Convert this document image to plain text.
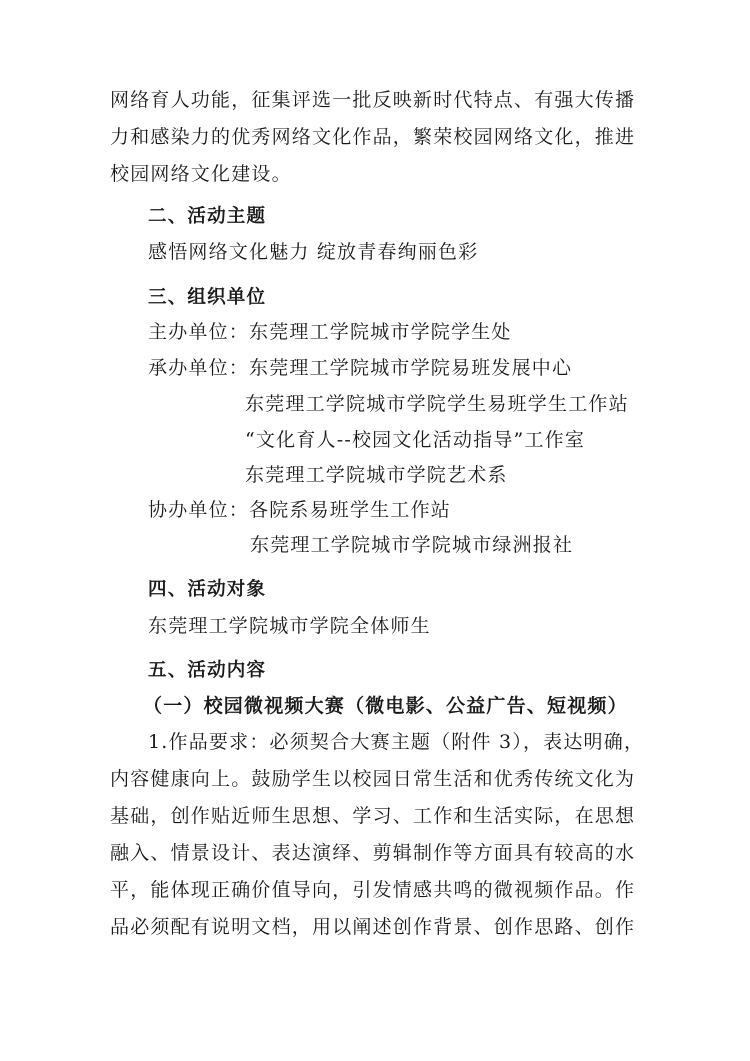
网络育人功能，征集评选一批反映新时代特点、有强大传播
力和感染力的优秀网络文化作品，繁荣校园网络文化，推进
校园网络文化建设。
二、活动主题
感悟网络文化魅力 绽放青春绚丽色彩
三、组织单位
主办单位：东莞理工学院城市学院学生处
承办单位：东莞理工学院城市学院易班发展中心
东莞理工学院城市学院学生易班学生工作站
“文化育人--校园文化活动指导”工作室
东莞理工学院城市学院艺术系
协办单位：各院系易班学生工作站
东莞理工学院城市学院城市绿洲报社
四、活动对象
东莞理工学院城市学院全体师生
五、活动内容
（一）校园微视频大赛（微电影、公益广告、短视频）
1.作品要求：必须契合大赛主题（附件 3），表达明确，
内容健康向上。鼓励学生以校园日常生活和优秀传统文化为
基础，创作贴近师生思想、学习、工作和生活实际，在思想
融入、情景设计、表达演绎、剪辑制作等方面具有较高的水
平，能体现正确价值导向，引发情感共鸣的微视频作品。作
品必须配有说明文档，用以阐述创作背景、创作思路、创作
